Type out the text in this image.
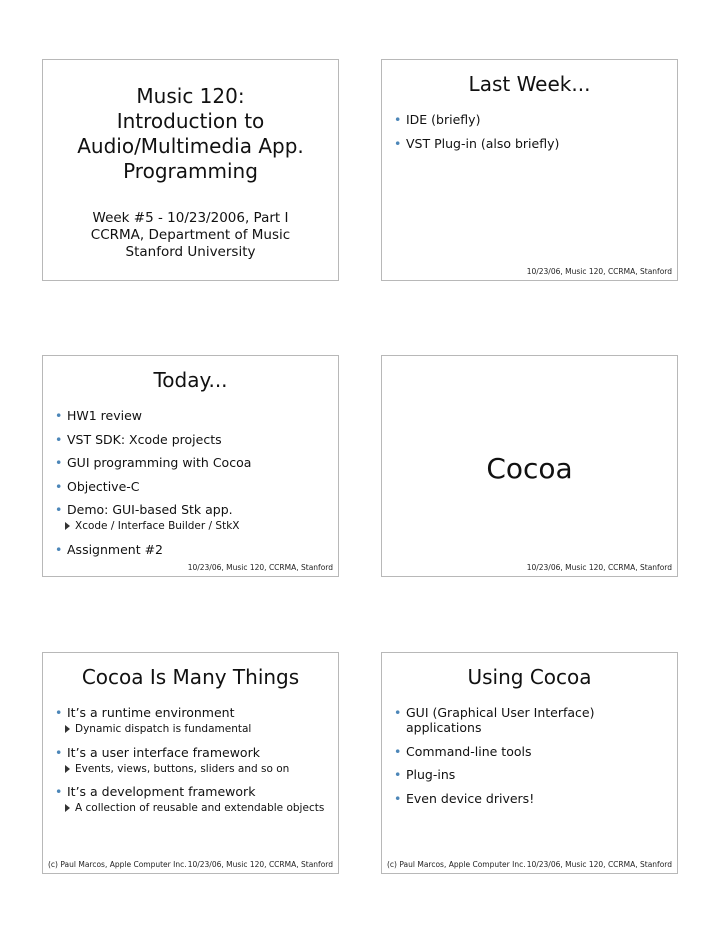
Music 120:
Introduction to
Audio/Multimedia App.
Programming
Week #5 - 10/23/2006, Part I
CCRMA, Department of Music
Stanford University
Last Week...
• IDE (briefly)
• VST Plug-in (also briefly)
10/23/06, Music 120, CCRMA, Stanford
Today...
• HW1 review
• VST SDK: Xcode projects
• GUI programming with Cocoa
• Objective-C
• Demo: GUI-based Stk app.
Xcode / Interface Builder / StkX
• Assignment #2
10/23/06, Music 120, CCRMA, Stanford
Cocoa
10/23/06, Music 120, CCRMA, Stanford
Cocoa Is Many Things
• It’s a runtime environment
Dynamic dispatch is fundamental
• It’s a user interface framework
Events, views, buttons, sliders and so on
• It’s a development framework
A collection of reusable and extendable objects
(c) Paul Marcos, Apple Computer Inc. 10/23/06, Music 120, CCRMA, Stanford
Using Cocoa
• GUI (Graphical User Interface) applications
• Command-line tools
• Plug-ins
• Even device drivers!
(c) Paul Marcos, Apple Computer Inc. 10/23/06, Music 120, CCRMA, Stanford
